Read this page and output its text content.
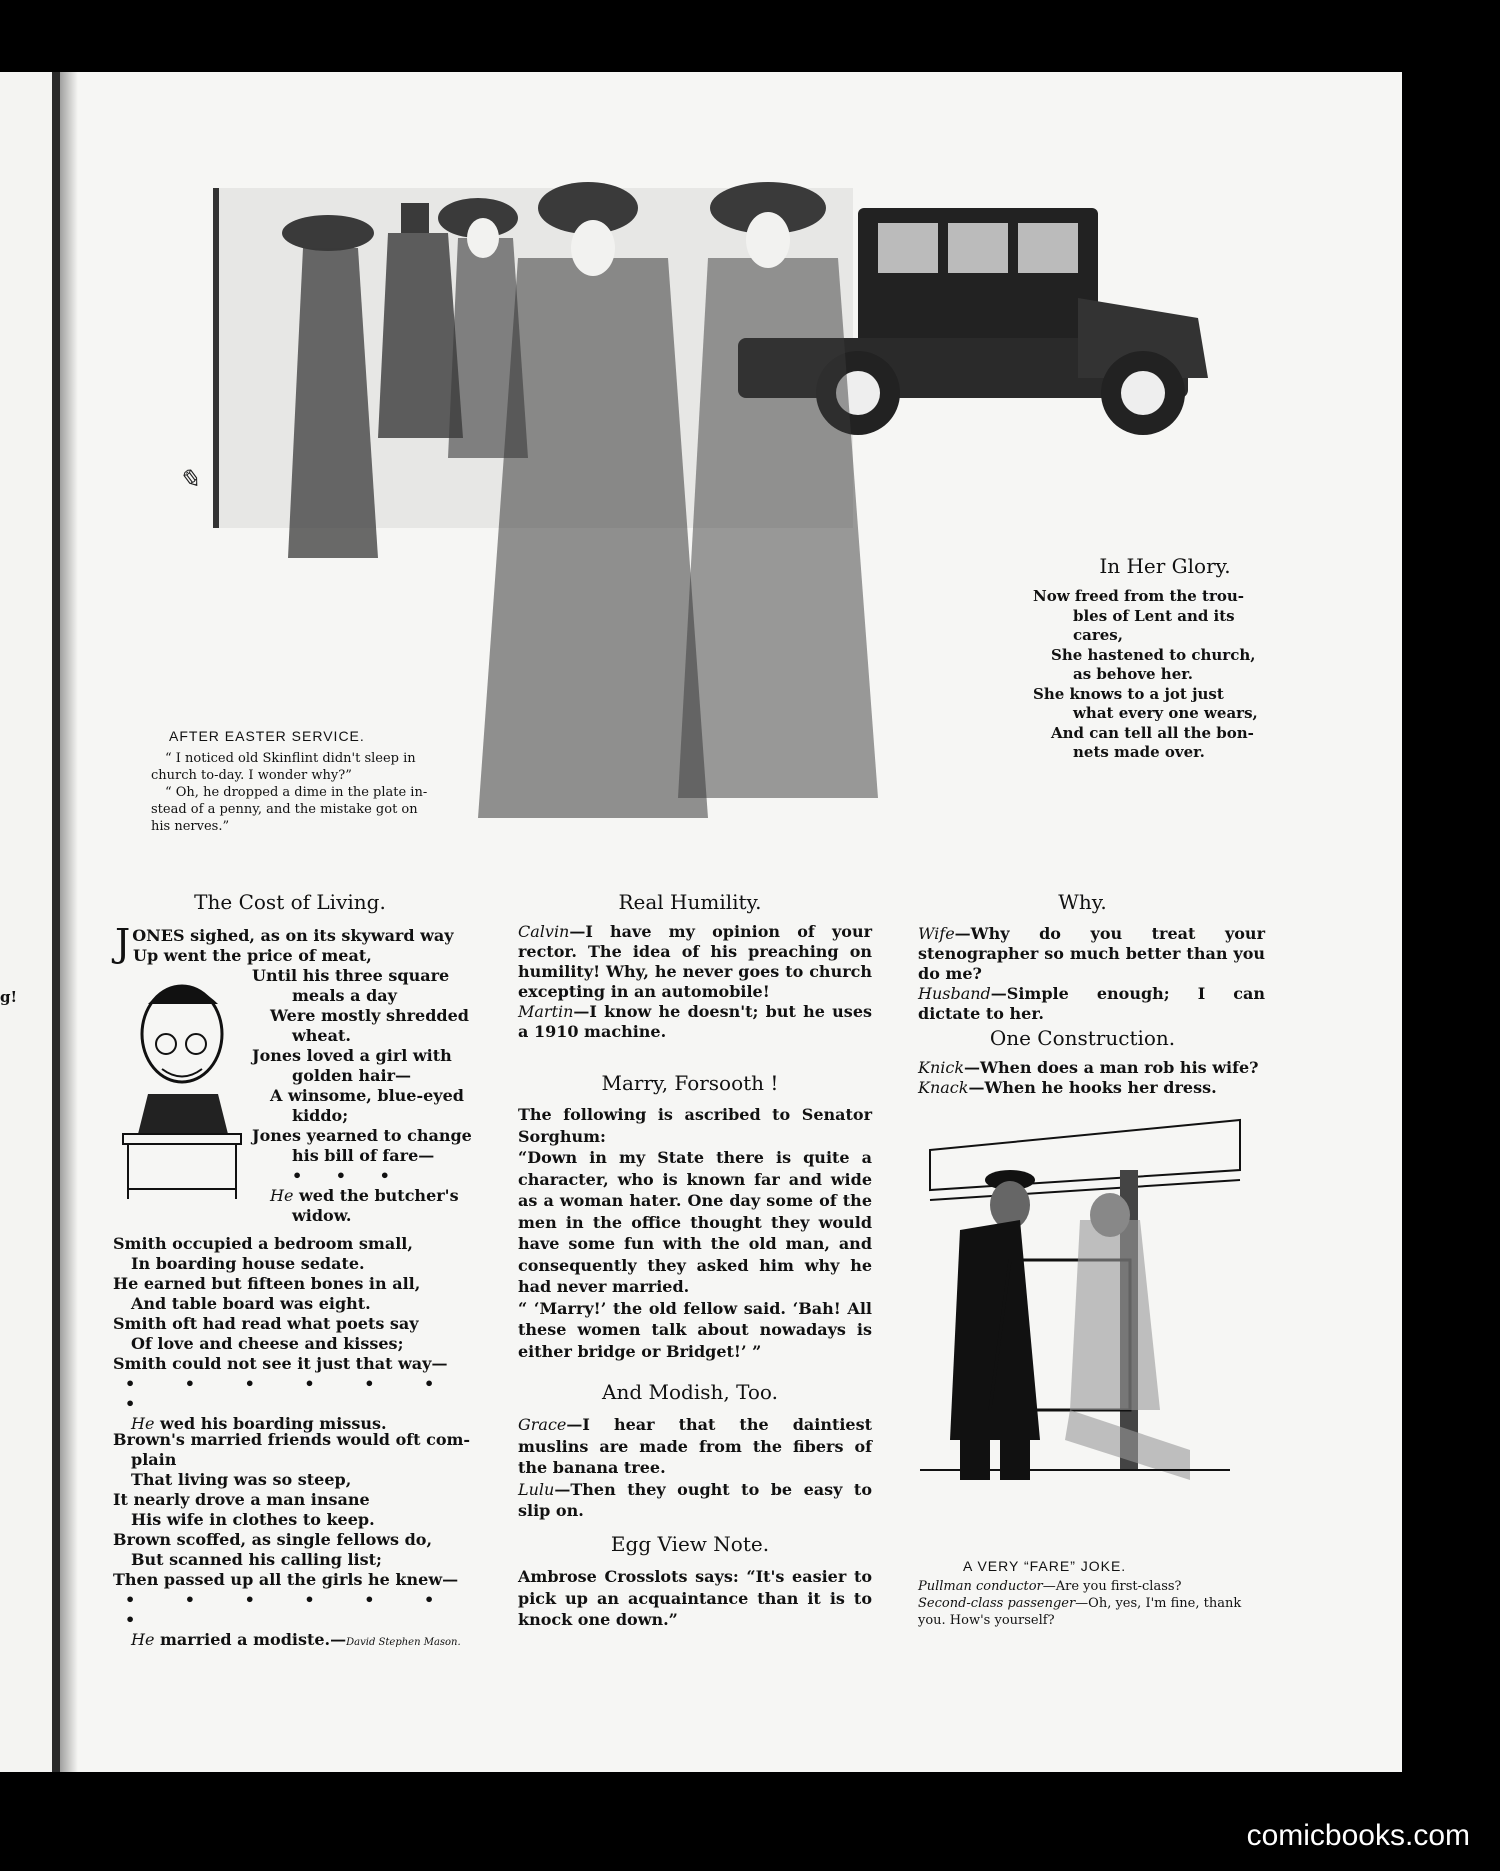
g!
✎
AFTER EASTER SERVICE.

“ I noticed old Skinflint didn't sleep in

church to-day. I wonder why?”

“ Oh, he dropped a dime in the plate in-

stead of a penny, and the mistake got on

his nerves.”

In Her Glory.

Now freed from the trou-

bles of Lent and its

cares,

She hastened to church,

as behove her.

She knows to a jot just

what every one wears,

And can tell all the bon-

nets made over.

The Cost of Living.

JONES sighed, as on its skyward way

Up went the price of meat,

Until his three square

meals a day

Were mostly shredded

wheat.

Jones loved a girl with

golden hair—

A winsome, blue-eyed

kiddo;

Jones yearned to change

his bill of fare—

• • •

He wed the butcher's

widow.

Smith occupied a bedroom small,

In boarding house sedate.

He earned but fifteen bones in all,

And table board was eight.

Smith oft had read what poets say

Of love and cheese and kisses;

Smith could not see it just that way—

• • • • • • •

He wed his boarding missus.

Brown's married friends would oft com-

plain

That living was so steep,

It nearly drove a man insane

His wife in clothes to keep.

Brown scoffed, as single fellows do,

But scanned his calling list;

Then passed up all the girls he knew—

• • • • • • •

He married a modiste.—David Stephen Mason.

Real Humility.

Calvin—I have my opinion of your rector. The idea of his preaching on humility! Why, he never goes to church excepting in an automobile!

Martin—I know he doesn't; but he uses a 1910 machine.

Marry, Forsooth !

The following is ascribed to Senator Sorghum:

“Down in my State there is quite a character, who is known far and wide as a woman hater. One day some of the men in the office thought they would have some fun with the old man, and consequently they asked him why he had never married.

“ ‘Marry!’ the old fellow said. ‘Bah! All these women talk about nowadays is either bridge or Bridget!’ ”

And Modish, Too.

Grace—I hear that the daintiest muslins are made from the fibers of the banana tree.

Lulu—Then they ought to be easy to slip on.

Egg View Note.

Ambrose Crosslots says: “It's easier to pick up an acquaintance than it is to knock one down.”

Why.

Wife—Why do you treat your stenographer so much better than you do me?

Husband—Simple enough; I can dictate to her.

One Construction.

Knick—When does a man rob his wife?

Knack—When he hooks her dress.

A VERY “FARE” JOKE.

Pullman conductor—Are you first-class?

Second-class passenger—Oh, yes, I'm fine, thank you. How's yourself?

comicbooks.com
